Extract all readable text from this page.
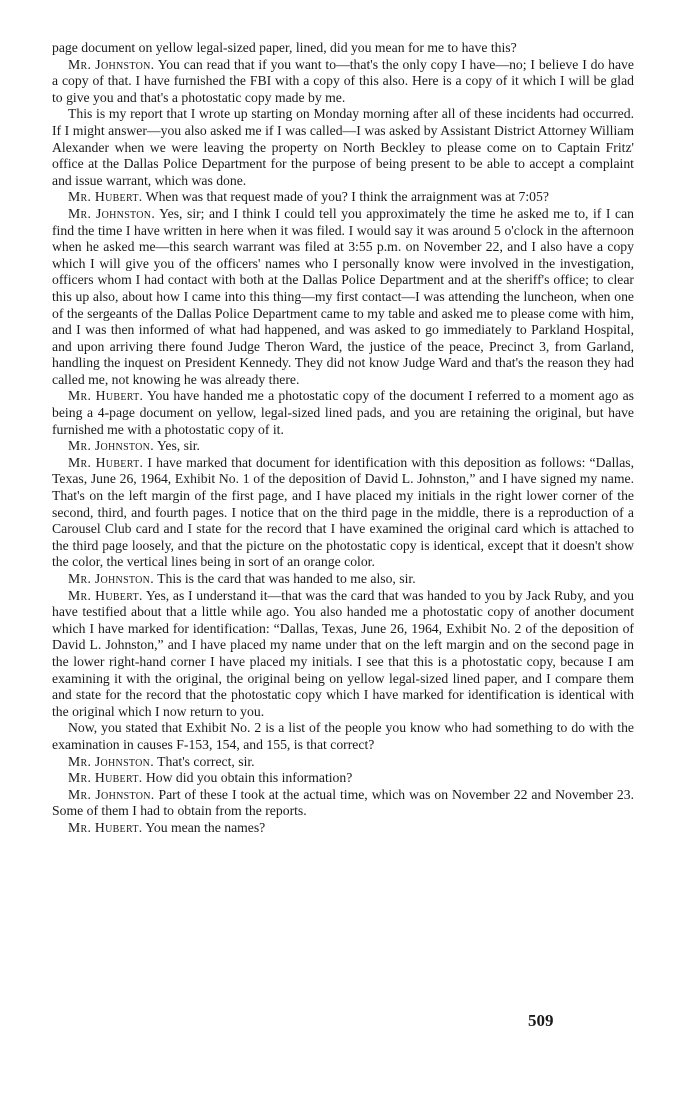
page document on yellow legal-sized paper, lined, did you mean for me to have this?

Mr. Johnston. You can read that if you want to—that's the only copy I have—no; I believe I do have a copy of that. I have furnished the FBI with a copy of this also. Here is a copy of it which I will be glad to give you and that's a photostatic copy made by me.

This is my report that I wrote up starting on Monday morning after all of these incidents had occurred. If I might answer—you also asked me if I was called—I was asked by Assistant District Attorney William Alexander when we were leaving the property on North Beckley to please come on to Captain Fritz' office at the Dallas Police Department for the purpose of being present to be able to accept a complaint and issue warrant, which was done.

Mr. Hubert. When was that request made of you? I think the arraignment was at 7:05?

Mr. Johnston. Yes, sir; and I think I could tell you approximately the time he asked me to, if I can find the time I have written in here when it was filed. I would say it was around 5 o'clock in the afternoon when he asked me—this search warrant was filed at 3:55 p.m. on November 22, and I also have a copy which I will give you of the officers' names who I personally know were involved in the investigation, officers whom I had contact with both at the Dallas Police Department and at the sheriff's office; to clear this up also, about how I came into this thing—my first contact—I was attending the luncheon, when one of the sergeants of the Dallas Police Department came to my table and asked me to please come with him, and I was then informed of what had happened, and was asked to go immediately to Parkland Hospital, and upon arriving there found Judge Theron Ward, the justice of the peace, Precinct 3, from Garland, handling the inquest on President Kennedy. They did not know Judge Ward and that's the reason they had called me, not knowing he was already there.

Mr. Hubert. You have handed me a photostatic copy of the document I referred to a moment ago as being a 4-page document on yellow, legal-sized lined pads, and you are retaining the original, but have furnished me with a photostatic copy of it.

Mr. Johnston. Yes, sir.

Mr. Hubert. I have marked that document for identification with this deposition as follows: “Dallas, Texas, June 26, 1964, Exhibit No. 1 of the deposition of David L. Johnston,” and I have signed my name. That's on the left margin of the first page, and I have placed my initials in the right lower corner of the second, third, and fourth pages. I notice that on the third page in the middle, there is a reproduction of a Carousel Club card and I state for the record that I have examined the original card which is attached to the third page loosely, and that the picture on the photostatic copy is identical, except that it doesn't show the color, the vertical lines being in sort of an orange color.

Mr. Johnston. This is the card that was handed to me also, sir.

Mr. Hubert. Yes, as I understand it—that was the card that was handed to you by Jack Ruby, and you have testified about that a little while ago. You also handed me a photostatic copy of another document which I have marked for identification: “Dallas, Texas, June 26, 1964, Exhibit No. 2 of the deposition of David L. Johnston,” and I have placed my name under that on the left margin and on the second page in the lower right-hand corner I have placed my initials. I see that this is a photostatic copy, because I am examining it with the original, the original being on yellow legal-sized lined paper, and I compare them and state for the record that the photostatic copy which I have marked for identification is identical with the original which I now return to you.

Now, you stated that Exhibit No. 2 is a list of the people you know who had something to do with the examination in causes F-153, 154, and 155, is that correct?

Mr. Johnston. That's correct, sir.

Mr. Hubert. How did you obtain this information?

Mr. Johnston. Part of these I took at the actual time, which was on November 22 and November 23. Some of them I had to obtain from the reports.

Mr. Hubert. You mean the names?

509
